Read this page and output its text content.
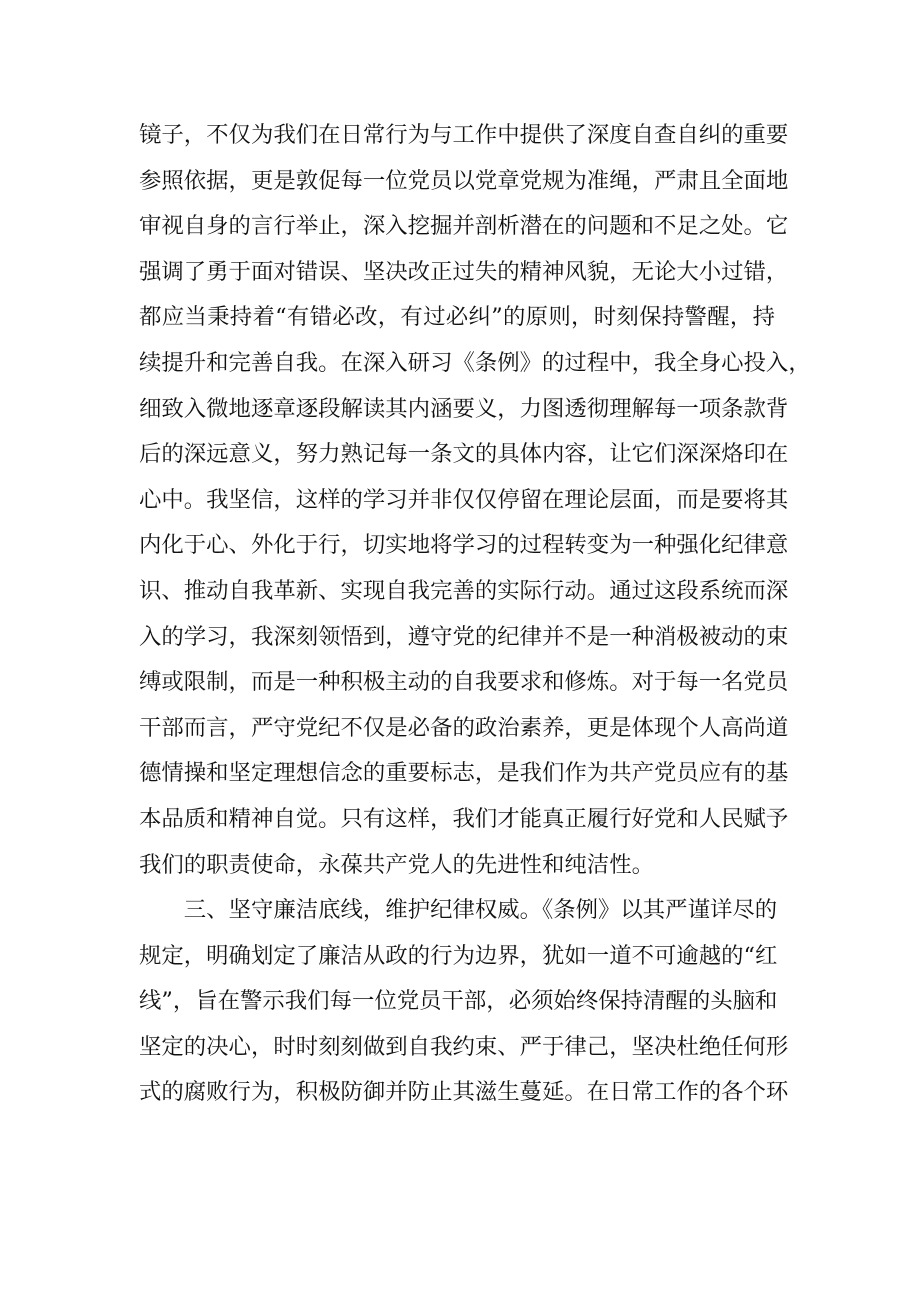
镜子，不仅为我们在日常行为与工作中提供了深度自查自纠的重要
参照依据，更是敦促每一位党员以党章党规为准绳，严肃且全面地
审视自身的言行举止，深入挖掘并剖析潜在的问题和不足之处。它
强调了勇于面对错误、坚决改正过失的精神风貌，无论大小过错，
都应当秉持着“有错必改，有过必纠”的原则，时刻保持警醒，持
续提升和完善自我。在深入研习《条例》的过程中，我全身心投入，
细致入微地逐章逐段解读其内涵要义，力图透彻理解每一项条款背
后的深远意义，努力熟记每一条文的具体内容，让它们深深烙印在
心中。我坚信，这样的学习并非仅仅停留在理论层面，而是要将其
内化于心、外化于行，切实地将学习的过程转变为一种强化纪律意
识、推动自我革新、实现自我完善的实际行动。通过这段系统而深
入的学习，我深刻领悟到，遵守党的纪律并不是一种消极被动的束
缚或限制，而是一种积极主动的自我要求和修炼。对于每一名党员
干部而言，严守党纪不仅是必备的政治素养，更是体现个人高尚道
德情操和坚定理想信念的重要标志，是我们作为共产党员应有的基
本品质和精神自觉。只有这样，我们才能真正履行好党和人民赋予
我们的职责使命，永葆共产党人的先进性和纯洁性。
　　三、坚守廉洁底线，维护纪律权威。《条例》以其严谨详尽的
规定，明确划定了廉洁从政的行为边界，犹如一道不可逾越的“红
线”，旨在警示我们每一位党员干部，必须始终保持清醒的头脑和
坚定的决心，时时刻刻做到自我约束、严于律己，坚决杜绝任何形
式的腐败行为，积极防御并防止其滋生蔓延。在日常工作的各个环
